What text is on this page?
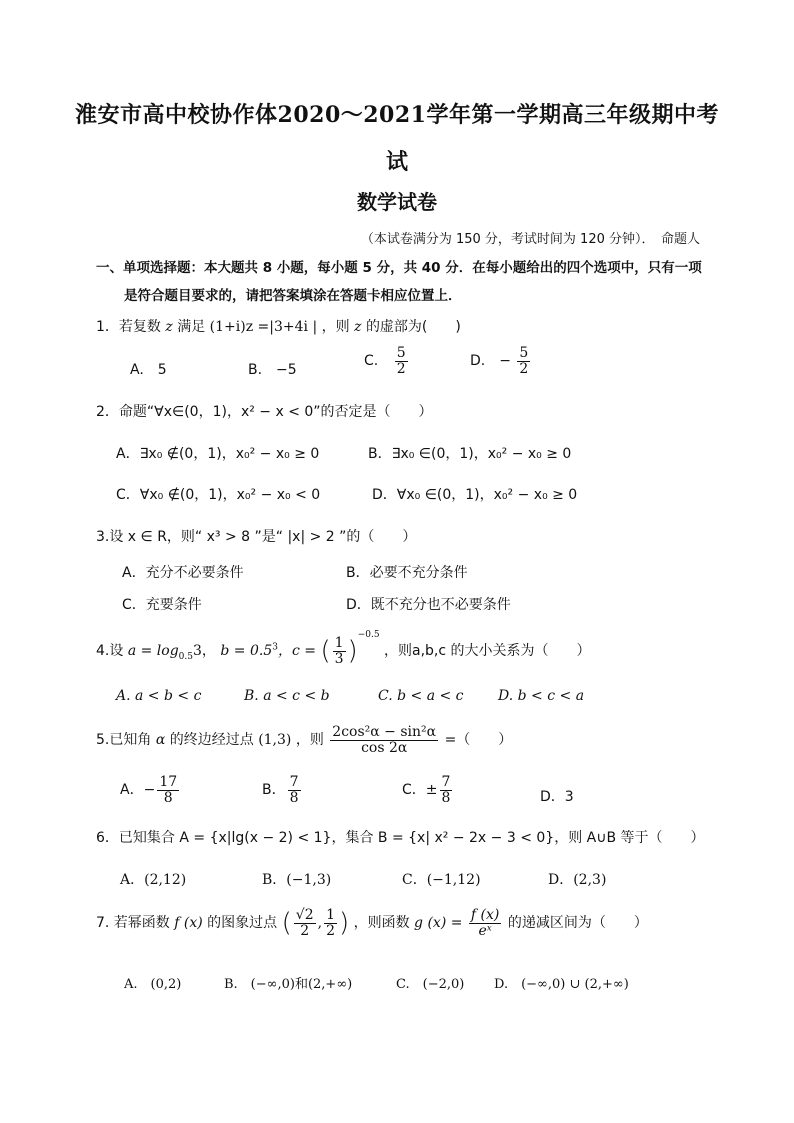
淮安市高中校协作体2020～2021学年第一学期高三年级期中考
试
数学试卷
（本试卷满分为 150 分，考试时间为 120 分钟）．　命题人
一、单项选择题：本大题共 8 小题，每小题 5 分，共 40 分．在每小题给出的四个选项中，只有一项
是符合题目要求的，请把答案填涂在答题卡相应位置上．
1．若复数 z 满足 (1+i)z =|3+4i | ，则 z 的虚部为(　　)
A.　5	B.　−5
C. $\frac{5}{2}$	D.　− $\frac{5}{2}$
2．命题“∀x∈(0，1)，x² − x < 0”的否定是（　　）
A．∃x₀ ∉(0，1)，x₀² − x₀ ≥ 0	B．∃x₀ ∈(0，1)，x₀² − x₀ ≥ 0
C．∀x₀ ∉(0，1)，x₀² − x₀ < 0	D．∀x₀ ∈(0，1)，x₀² − x₀ ≥ 0
3.设 x ∈ R，则“ x³ > 8 ”是“ |x| > 2 ”的（　　）
A．充分不必要条件	B．必要不充分条件
C．充要条件	D．既不充分也不必要条件
4.设 $a = \log_{0.5}3$， $b = 0.5^3$，c = ( $\frac{1}{3} )^{-0.5}$ ，则a,b,c 的大小关系为（　　）
A. a < b < c	B. a < c < b	C. b < a < c D. b < c < a
5.已知角 α 的终边经过点 (1,3) ，则 $\frac{\text{2cos²α − sin²α}}{\cos 2\alpha}$ =（　　）
A．− $\frac{17}{8}$	B． $\frac{7}{8}$	C．± $\frac{7}{8}$	D．3
6．已知集合 A = {x|lg(x − 2) < 1}，集合 B = {x| x² − 2x − 3 < 0}，则 A∪B 等于（　　）
A．(2,12)	B．(−1,3)	C．(−1,12)	D．(2,3)
7. 若幂函数 f (x) 的图象过点 ( $\frac{√2}{2}$ , $\frac{1}{2}$ ) ，则函数 g $(x) = \frac{f (x)}{\text{eˣ}}$ 的递减区间为（　　）
A.　(0,2)	B.　(−∞,0)和(2,+∞)	C.　(−2,0) D.　(−∞,0) ∪ (2,+∞)
